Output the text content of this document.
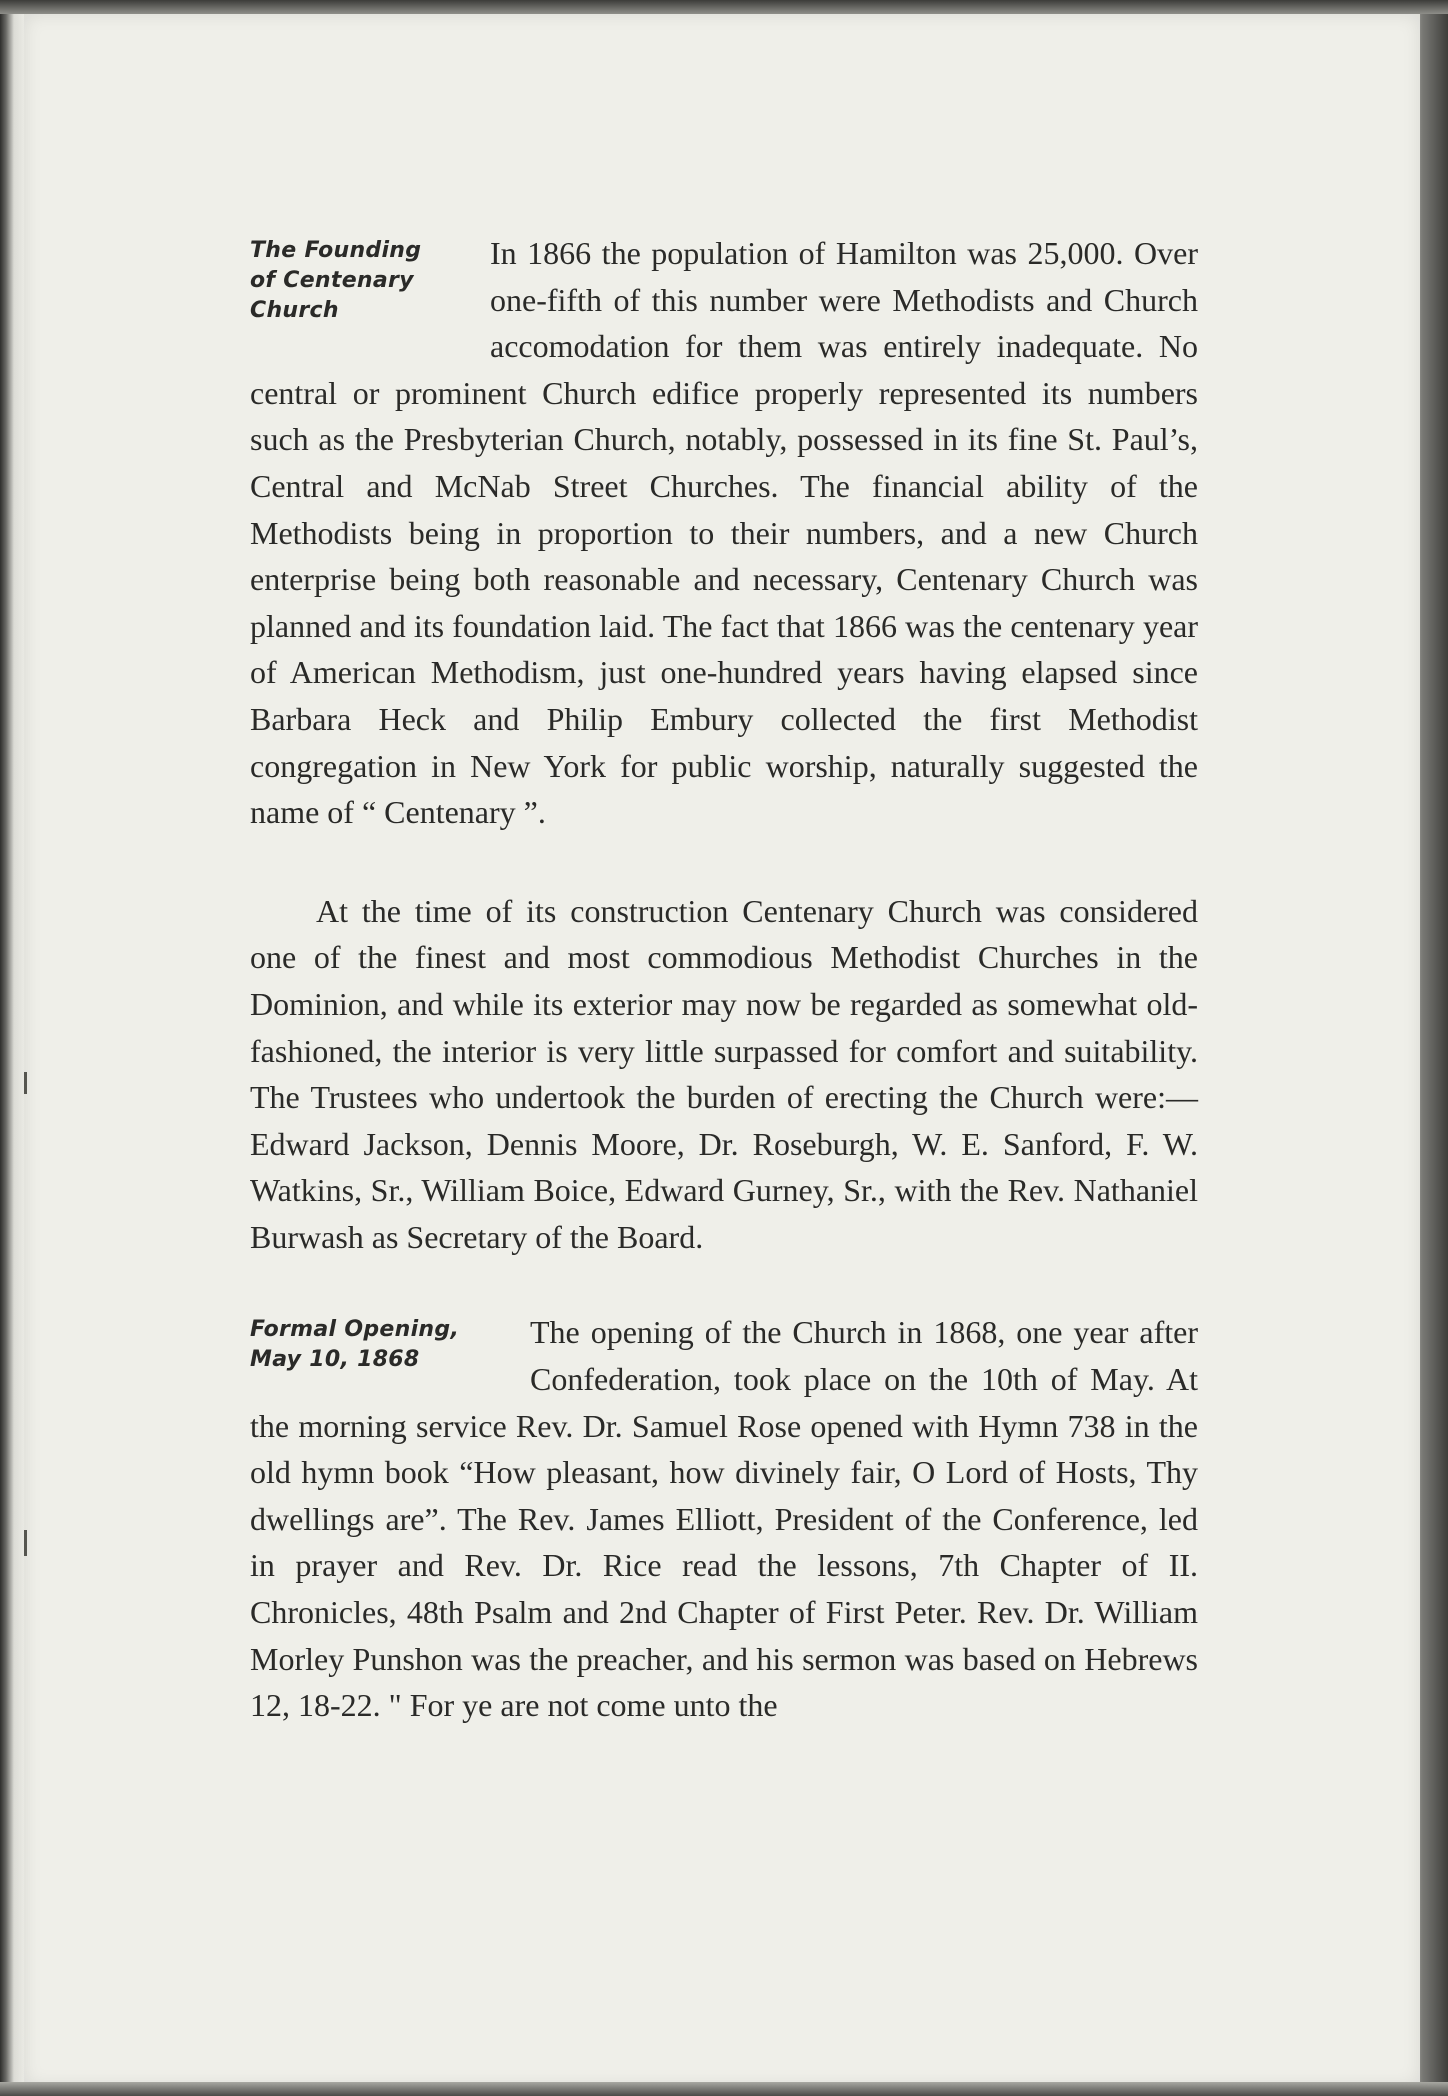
The Founding
of Centenary
Church

In 1866 the population of Hamilton was 25,000. Over one-fifth of this number were Methodists and Church accomodation for them was entirely inadequate. No central or prominent Church edifice properly represented its numbers such as the Presbyterian Church, notably, possessed in its fine St. Paul’s, Central and McNab Street Churches. The financial ability of the Methodists being in proportion to their numbers, and a new Church enterprise being both reasonable and necessary, Centenary Church was planned and its foundation laid. The fact that 1866 was the centenary year of American Methodism, just one-hundred years having elapsed since Barbara Heck and Philip Embury collected the first Methodist congregation in New York for public worship, naturally suggested the name of “ Centenary ”.

At the time of its construction Centenary Church was considered one of the finest and most commodious Methodist Churches in the Dominion, and while its exterior may now be regarded as somewhat old-fashioned, the interior is very little surpassed for comfort and suitability. The Trustees who undertook the burden of erecting the Church were:—Edward Jackson, Dennis Moore, Dr. Roseburgh, W. E. Sanford, F. W. Watkins, Sr., William Boice, Edward Gurney, Sr., with the Rev. Nathaniel Burwash as Secretary of the Board.

Formal Opening,
May 10, 1868

The opening of the Church in 1868, one year after Confederation, took place on the 10th of May. At the morning service Rev. Dr. Samuel Rose opened with Hymn 738 in the old hymn book “How pleasant, how divinely fair, O Lord of Hosts, Thy dwellings are”. The Rev. James Elliott, President of the Conference, led in prayer and Rev. Dr. Rice read the lessons, 7th Chapter of II. Chronicles, 48th Psalm and 2nd Chapter of First Peter. Rev. Dr. William Morley Punshon was the preacher, and his sermon was based on Hebrews 12, 18-22. " For ye are not come unto the
